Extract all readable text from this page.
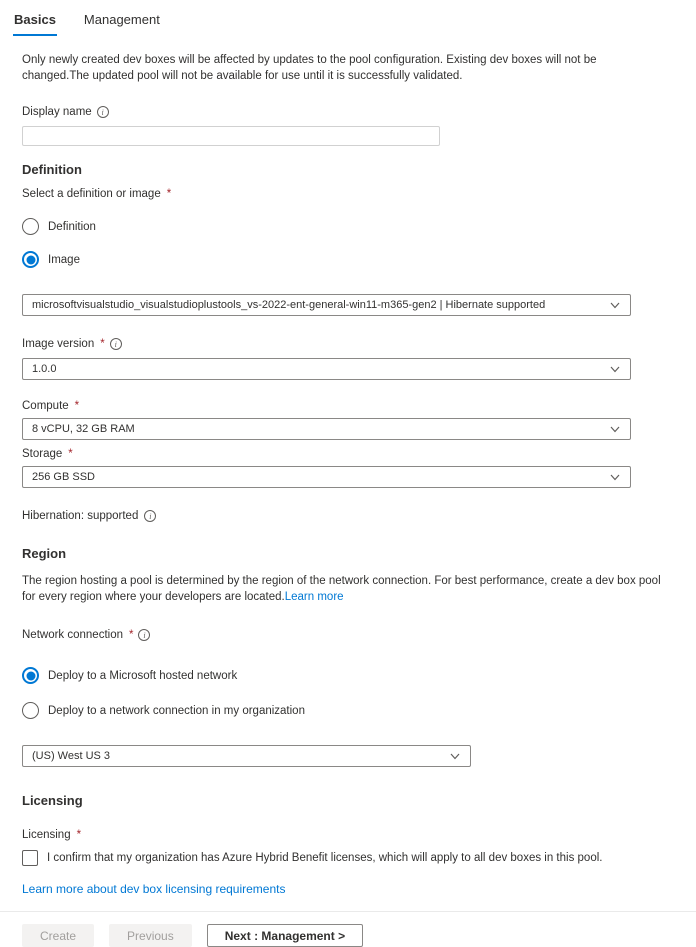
Basics Management
Only newly created dev boxes will be affected by updates to the pool configuration. Existing dev boxes will not be changed.The updated pool will not be available for use until it is successfully validated.
Display name
i
Definition
Select a definition or image *
Definition
Image
microsoftvisualstudio_visualstudioplustools_vs-2022-ent-general-win11-m365-gen2 | Hibernate supported
Image version *
i
1.0.0
Compute *
8 vCPU, 32 GB RAM
Storage *
256 GB SSD
Hibernation: supported
i
Region
The region hosting a pool is determined by the region of the network connection. For best performance, create a dev box pool for every region where your developers are located.Learn more
Network connection *
i
Deploy to a Microsoft hosted network
Deploy to a network connection in my organization
(US) West US 3
Licensing
Licensing *
I confirm that my organization has Azure Hybrid Benefit licenses, which will apply to all dev boxes in this pool.
Learn more about dev box licensing requirements
Create	Previous	Next : Management >
